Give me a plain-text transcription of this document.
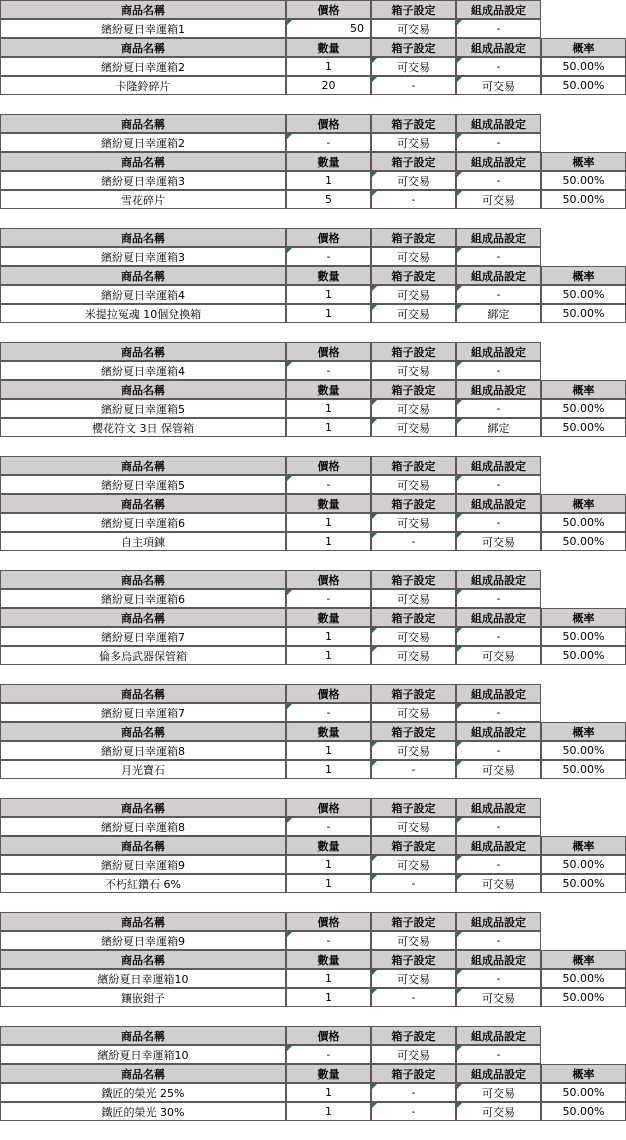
商品名稱	價格	箱子設定	組成品設定
繽紛夏日幸運箱1	50	可交易	-
商品名稱	數量	箱子設定	組成品設定	概率
繽紛夏日幸運箱2	1	可交易	-	50.00%
卡隆鈴碎片	20	-	可交易	50.00%
商品名稱	價格	箱子設定	組成品設定
繽紛夏日幸運箱2	-	可交易	-
商品名稱	數量	箱子設定	組成品設定	概率
繽紛夏日幸運箱3	1	可交易	-	50.00%
雪花碎片	5	-	可交易	50.00%
商品名稱	價格	箱子設定	組成品設定
繽紛夏日幸運箱3	-	可交易	-
商品名稱	數量	箱子設定	組成品設定	概率
繽紛夏日幸運箱4	1	可交易	-	50.00%
米提拉冤魂 10個兌換箱	1	可交易	綁定	50.00%
商品名稱	價格	箱子設定	組成品設定
繽紛夏日幸運箱4	-	可交易	-
商品名稱	數量	箱子設定	組成品設定	概率
繽紛夏日幸運箱5	1	可交易	-	50.00%
櫻花符文 3日 保管箱	1	可交易	綁定	50.00%
商品名稱	價格	箱子設定	組成品設定
繽紛夏日幸運箱5	-	可交易	-
商品名稱	數量	箱子設定	組成品設定	概率
繽紛夏日幸運箱6	1	可交易	-	50.00%
自主項鍊	1	-	可交易	50.00%
商品名稱	價格	箱子設定	組成品設定
繽紛夏日幸運箱6	-	可交易	-
商品名稱	數量	箱子設定	組成品設定	概率
繽紛夏日幸運箱7	1	可交易	-	50.00%
倫多烏武器保管箱	1	可交易	可交易	50.00%
商品名稱	價格	箱子設定	組成品設定
繽紛夏日幸運箱7	-	可交易	-
商品名稱	數量	箱子設定	組成品設定	概率
繽紛夏日幸運箱8	1	可交易	-	50.00%
月光寶石	1	-	可交易	50.00%
商品名稱	價格	箱子設定	組成品設定
繽紛夏日幸運箱8	-	可交易	-
商品名稱	數量	箱子設定	組成品設定	概率
繽紛夏日幸運箱9	1	可交易	-	50.00%
不朽紅鑽石 6%	1	-	可交易	50.00%
商品名稱	價格	箱子設定	組成品設定
繽紛夏日幸運箱9	-	可交易	-
商品名稱	數量	箱子設定	組成品設定	概率
繽紛夏日幸運箱10	1	可交易	-	50.00%
鑲嵌鉗子	1	-	可交易	50.00%
商品名稱	價格	箱子設定	組成品設定
繽紛夏日幸運箱10	-	可交易	-
商品名稱	數量	箱子設定	組成品設定	概率
鐵匠的榮光 25%	1	-	可交易	50.00%
鐵匠的榮光 30%	1	-	可交易	50.00%
